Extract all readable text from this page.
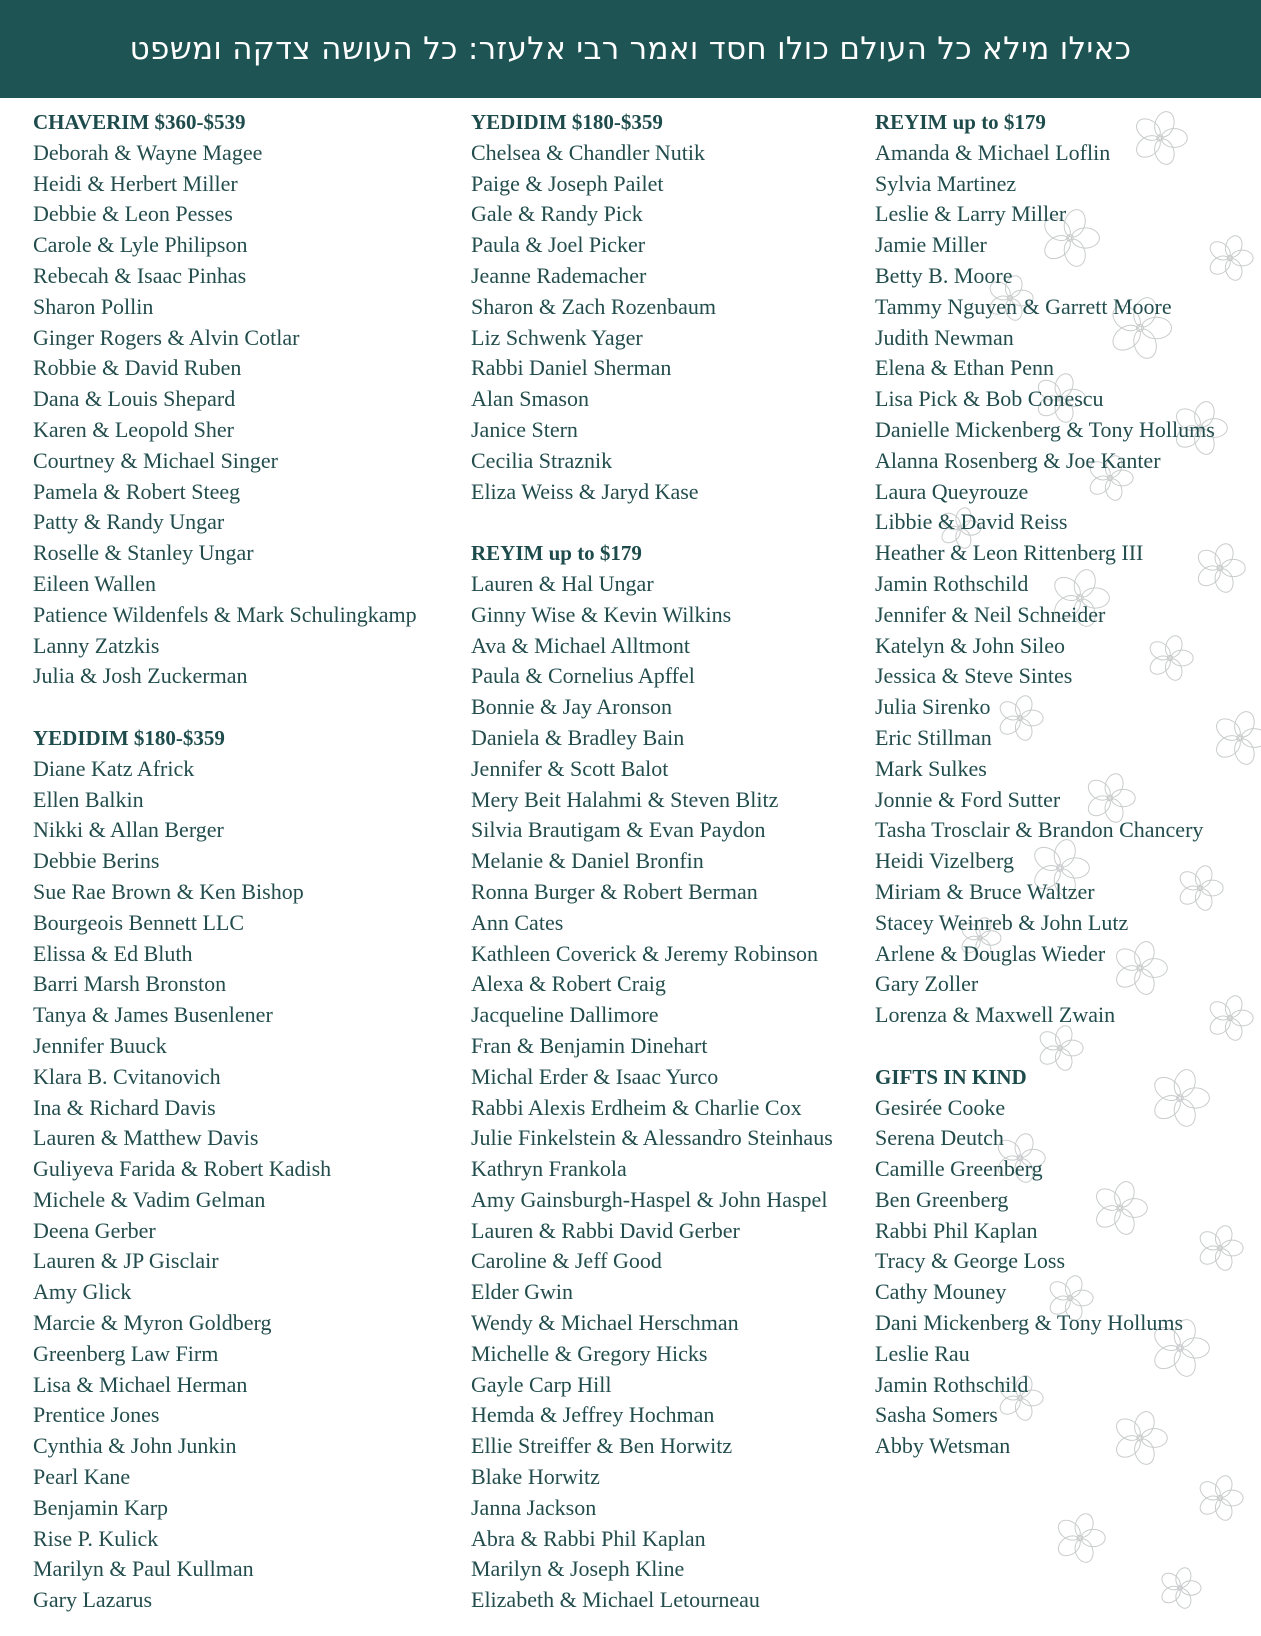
כאילו מילא כל העולם כולו חסד ואמר רבי אלעזר: כל העושה צדקה ומשפט
CHAVERIM $360-$539
Deborah & Wayne Magee
Heidi & Herbert Miller
Debbie & Leon Pesses
Carole & Lyle Philipson
Rebecah & Isaac Pinhas
Sharon Pollin
Ginger Rogers & Alvin Cotlar
Robbie & David Ruben
Dana & Louis Shepard
Karen & Leopold Sher
Courtney & Michael Singer
Pamela & Robert Steeg
Patty & Randy Ungar
Roselle & Stanley Ungar
Eileen Wallen
Patience Wildenfels & Mark Schulingkamp
Lanny Zatzkis
Julia & Josh Zuckerman
YEDIDIM $180-$359
Diane Katz Africk
Ellen Balkin
Nikki & Allan Berger
Debbie Berins
Sue Rae Brown & Ken Bishop
Bourgeois Bennett LLC
Elissa & Ed Bluth
Barri Marsh Bronston
Tanya & James Busenlener
Jennifer Buuck
Klara B. Cvitanovich
Ina & Richard Davis
Lauren & Matthew Davis
Guliyeva Farida & Robert Kadish
Michele & Vadim Gelman
Deena Gerber
Lauren & JP Gisclair
Amy Glick
Marcie & Myron Goldberg
Greenberg Law Firm
Lisa & Michael Herman
Prentice Jones
Cynthia & John Junkin
Pearl Kane
Benjamin Karp
Rise P. Kulick
Marilyn & Paul Kullman
Gary Lazarus
YEDIDIM $180-$359
Chelsea & Chandler Nutik
Paige & Joseph Pailet
Gale & Randy Pick
Paula & Joel Picker
Jeanne Rademacher
Sharon & Zach Rozenbaum
Liz Schwenk Yager
Rabbi Daniel Sherman
Alan Smason
Janice Stern
Cecilia Straznik
Eliza Weiss & Jaryd Kase
REYIM up to $179
Lauren & Hal Ungar
Ginny Wise & Kevin Wilkins
Ava & Michael Alltmont
Paula & Cornelius Apffel
Bonnie & Jay Aronson
Daniela & Bradley Bain
Jennifer & Scott Balot
Mery Beit Halahmi & Steven Blitz
Silvia Brautigam & Evan Paydon
Melanie & Daniel Bronfin
Ronna Burger & Robert Berman
Ann Cates
Kathleen Coverick & Jeremy Robinson
Alexa & Robert Craig
Jacqueline Dallimore
Fran & Benjamin Dinehart
Michal Erder & Isaac Yurco
Rabbi Alexis Erdheim & Charlie Cox
Julie Finkelstein & Alessandro Steinhaus
Kathryn Frankola
Amy Gainsburgh-Haspel & John Haspel
Lauren & Rabbi David Gerber
Caroline & Jeff Good
Elder Gwin
Wendy & Michael Herschman
Michelle & Gregory Hicks
Gayle Carp Hill
Hemda & Jeffrey Hochman
Ellie Streiffer & Ben Horwitz
Blake Horwitz
Janna Jackson
Abra & Rabbi Phil Kaplan
Marilyn & Joseph Kline
Elizabeth & Michael Letourneau
REYIM up to $179
Amanda & Michael Loflin
Sylvia Martinez
Leslie & Larry Miller
Jamie Miller
Betty B. Moore
Tammy Nguyen & Garrett Moore
Judith Newman
Elena & Ethan Penn
Lisa Pick & Bob Conescu
Danielle Mickenberg & Tony Hollums
Alanna Rosenberg & Joe Kanter
Laura Queyrouze
Libbie & David Reiss
Heather & Leon Rittenberg III
Jamin Rothschild
Jennifer & Neil Schneider
Katelyn & John Sileo
Jessica & Steve Sintes
Julia Sirenko
Eric Stillman
Mark Sulkes
Jonnie & Ford Sutter
Tasha Trosclair & Brandon Chancery
Heidi Vizelberg
Miriam & Bruce Waltzer
Stacey Weinreb & John Lutz
Arlene & Douglas Wieder
Gary Zoller
Lorenza & Maxwell Zwain
GIFTS IN KIND
Gesirée Cooke
Serena Deutch
Camille Greenberg
Ben Greenberg
Rabbi Phil Kaplan
Tracy & George Loss
Cathy Mouney
Dani Mickenberg & Tony Hollums
Leslie Rau
Jamin Rothschild
Sasha Somers
Abby Wetsman
